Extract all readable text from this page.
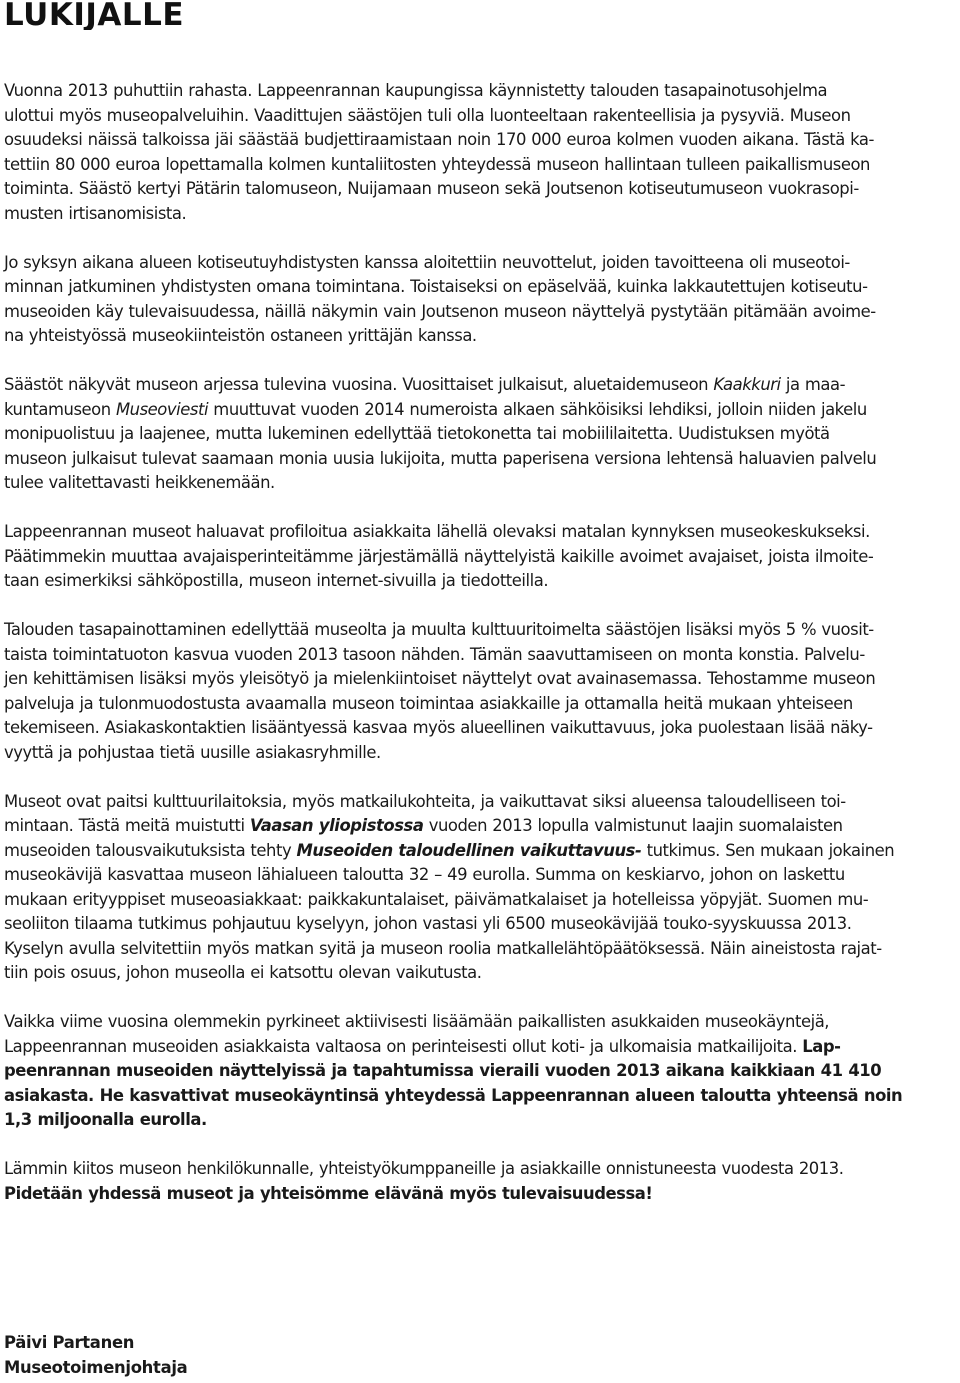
LUKIJALLE

Vuonna 2013 puhuttiin rahasta. Lappeenrannan kaupungissa käynnistetty talouden tasapainotusohjelma
ulottui myös museopalveluihin. Vaadittujen säästöjen tuli olla luonteeltaan rakenteellisia ja pysyviä. Museon
osuudeksi näissä talkoissa jäi säästää budjettiraamistaan noin 170 000 euroa kolmen vuoden aikana. Tästä ka-
tettiin 80 000 euroa lopettamalla kolmen kuntaliitosten yhteydessä museon hallintaan tulleen paikallismuseon
toiminta. Säästö kertyi Pätärin talomuseon, Nuijamaan museon sekä Joutsenon kotiseutumuseon vuokrasopi-
musten irtisanomisista.

Jo syksyn aikana alueen kotiseutuyhdistysten kanssa aloitettiin neuvottelut, joiden tavoitteena oli museotoi-
minnan jatkuminen yhdistysten omana toimintana. Toistaiseksi on epäselvää, kuinka lakkautettujen kotiseutu-
museoiden käy tulevaisuudessa, näillä näkymin vain Joutsenon museon näyttelyä pystytään pitämään avoime-
na yhteistyössä museokiinteistön ostaneen yrittäjän kanssa.

Säästöt näkyvät museon arjessa tulevina vuosina. Vuosittaiset julkaisut, aluetaidemuseon Kaakkuri ja maa-
kuntamuseon Museoviesti muuttuvat vuoden 2014 numeroista alkaen sähköisiksi lehdiksi, jolloin niiden jakelu
monipuolistuu ja laajenee, mutta lukeminen edellyttää tietokonetta tai mobiililaitetta. Uudistuksen myötä
museon julkaisut tulevat saamaan monia uusia lukijoita, mutta paperisena versiona lehtensä haluavien palvelu
tulee valitettavasti heikkenemään.

Lappeenrannan museot haluavat profiloitua asiakkaita lähellä olevaksi matalan kynnyksen museokeskukseksi.
Päätimmekin muuttaa avajaisperinteitämme järjestämällä näyttelyistä kaikille avoimet avajaiset, joista ilmoite-
taan esimerkiksi sähköpostilla, museon internet-sivuilla ja tiedotteilla.

Talouden tasapainottaminen edellyttää museolta ja muulta kulttuuritoimelta säästöjen lisäksi myös 5 % vuosit-
taista toimintatuoton kasvua vuoden 2013 tasoon nähden. Tämän saavuttamiseen on monta konstia. Palvelu-
jen kehittämisen lisäksi myös yleisötyö ja mielenkiintoiset näyttelyt ovat avainasemassa. Tehostamme museon
palveluja ja tulonmuodostusta avaamalla museon toimintaa asiakkaille ja ottamalla heitä mukaan yhteiseen
tekemiseen. Asiakaskontaktien lisääntyessä kasvaa myös alueellinen vaikuttavuus, joka puolestaan lisää näky-
vyyttä ja pohjustaa tietä uusille asiakasryhmille.

Museot ovat paitsi kulttuurilaitoksia, myös matkailukohteita, ja vaikuttavat siksi alueensa taloudelliseen toi-
mintaan. Tästä meitä muistutti Vaasan yliopistossa vuoden 2013 lopulla valmistunut laajin suomalaisten
museoiden talousvaikutuksista tehty Museoiden taloudellinen vaikuttavuus- tutkimus. Sen mukaan jokainen
museokävijä kasvattaa museon lähialueen taloutta 32 – 49 eurolla. Summa on keskiarvo, johon on laskettu
mukaan erityyppiset museoasiakkaat: paikkakuntalaiset, päivämatkalaiset ja hotelleissa yöpyjät. Suomen mu-
seoliiton tilaama tutkimus pohjautuu kyselyyn, johon vastasi yli 6500 museokävijää touko-syyskuussa 2013.
Kyselyn avulla selvitettiin myös matkan syitä ja museon roolia matkallelähtöpäätöksessä. Näin aineistosta rajat-
tiin pois osuus, johon museolla ei katsottu olevan vaikutusta.

Vaikka viime vuosina olemmekin pyrkineet aktiivisesti lisäämään paikallisten asukkaiden museokäyntejä,
Lappeenrannan museoiden asiakkaista valtaosa on perinteisesti ollut koti- ja ulkomaisia matkailijoita. Lap-
peenrannan museoiden näyttelyissä ja tapahtumissa vieraili vuoden 2013 aikana kaikkiaan 41 410
asiakasta. He kasvattivat museokäyntinsä yhteydessä Lappeenrannan alueen taloutta yhteensä noin
1,3 miljoonalla eurolla.

Lämmin kiitos museon henkilökunnalle, yhteistyökumppaneille ja asiakkaille onnistuneesta vuodesta 2013.
Pidetään yhdessä museot ja yhteisömme elävänä myös tulevaisuudessa!

Päivi Partanen
Museotoimenjohtaja
